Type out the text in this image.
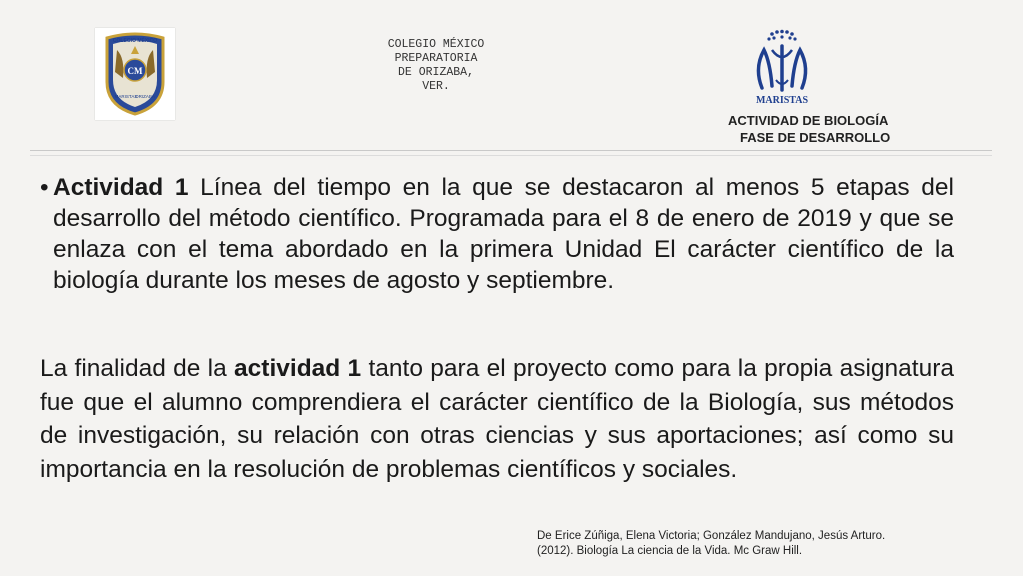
CM
COLEGIO MÉXICO
MARISTAS
ORIZABA
COLEGIO MÉXICO
PREPARATORIA
DE ORIZABA,
VER.
MARISTAS
ACTIVIDAD DE BIOLOGÍA
FASE DE DESARROLLO
• Actividad 1 Línea del tiempo en la que se destacaron al menos 5 etapas del desarrollo del método científico. Programada para el 8 de enero de 2019 y que se enlaza con el tema abordado en la primera Unidad El carácter científico de la biología durante los meses de agosto y septiembre.
La finalidad de la actividad 1 tanto para el proyecto como para la propia asignatura fue que el alumno comprendiera el carácter científico de la Biología, sus métodos de investigación, su relación con otras ciencias y sus aportaciones; así como su importancia en la resolución de problemas científicos y sociales.
De Erice Zúñiga, Elena Victoria; González Mandujano, Jesús Arturo.
(2012). Biología La ciencia de la Vida. Mc Graw Hill.
